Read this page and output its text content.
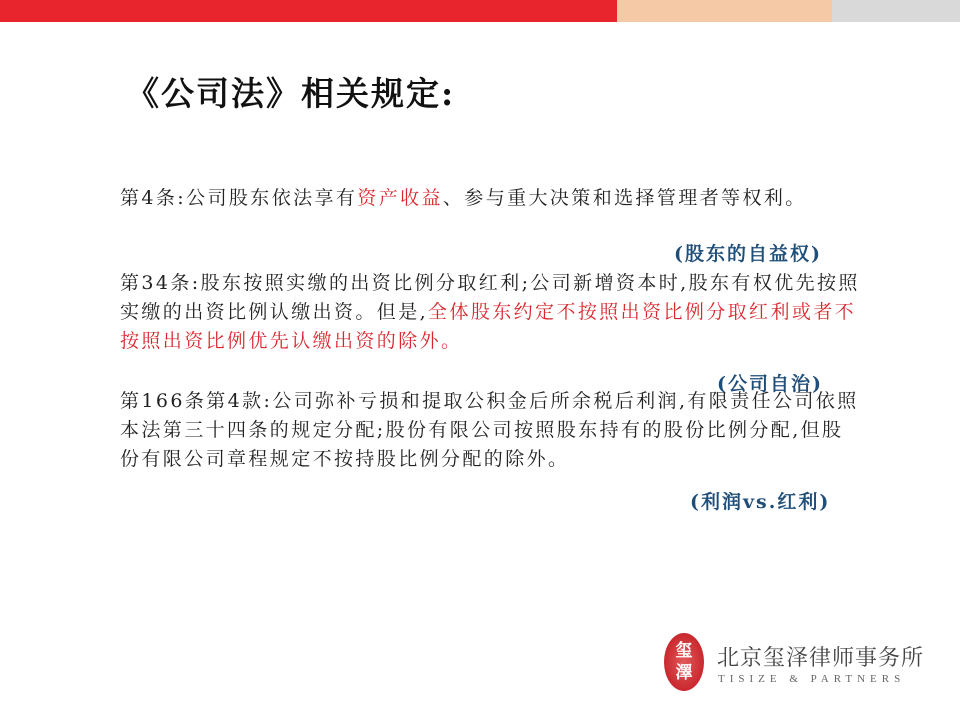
《公司法》相关规定:
第4条:公司股东依法享有资产收益、参与重大决策和选择管理者等权利。
(股东的自益权)
第34条:股东按照实缴的出资比例分取红利;公司新增资本时,股东有权优先按照实缴的出资比例认缴出资。但是,全体股东约定不按照出资比例分取红利或者不按照出资比例优先认缴出资的除外。
(公司自治)
第166条第4款:公司弥补亏损和提取公积金后所余税后利润,有限责任公司依照本法第三十四条的规定分配;股份有限公司按照股东持有的股份比例分配,但股份有限公司章程规定不按持股比例分配的除外。
(利润vs.红利)
玺
澤
北京玺泽律师事务所
TISIZE & PARTNERS
